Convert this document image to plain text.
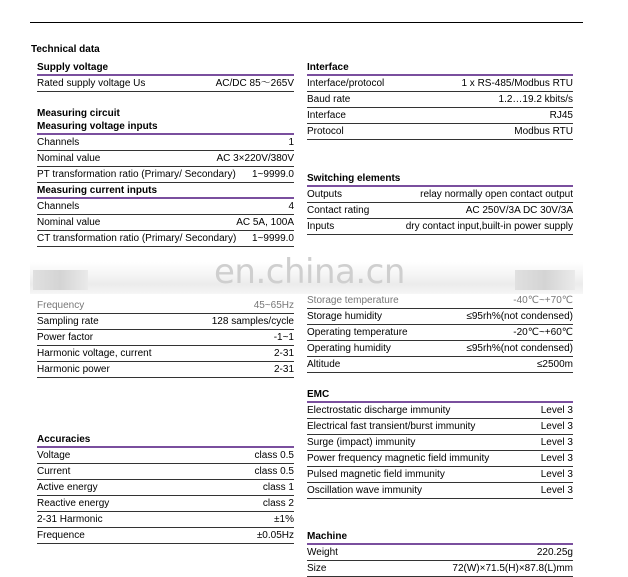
Technical data
Supply voltage
Rated supply voltage Us	AC/DC 85～265V
Measuring circuit
Measuring voltage inputs
Channels	1
Nominal value	AC 3×220V/380V
PT transformation ratio (Primary/ Secondary) 1~9999.0
Measuring current inputs
Channels	4
Nominal value	AC 5A, 100A
CT transformation ratio (Primary/ Secondary) 1~9999.0
Frequency	45~65Hz
Sampling rate	128 samples/cycle
Power factor	-1~1
Harmonic voltage, current	2-31
Harmonic power	2-31
Accuracies
Voltage	class 0.5
Current	class 0.5
Active energy	class 1
Reactive energy	class 2
2-31 Harmonic	±1%
Frequence	±0.05Hz
Interface
Interface/protocol	1 x RS-485/Modbus RTU
Baud rate	1.2…19.2 kbits/s
Interface	RJ45
Protocol	Modbus RTU
Switching elements
Outputs	relay normally open contact output
Contact rating	AC 250V/3A DC 30V/3A
Inputs	dry contact input,built-in power supply
Storage temperature	-40℃~+70℃
Storage humidity	≤95rh%(not condensed)
Operating temperature	-20℃~+60℃
Operating humidity	≤95rh%(not condensed)
Altitude	≤2500m
EMC
Electrostatic discharge immunity	Level 3
Electrical fast transient/burst immunity	Level 3
Surge (impact) immunity	Level 3
Power frequency magnetic field immunity	Level 3
Pulsed magnetic field immunity	Level 3
Oscillation wave immunity	Level 3
Machine
Weight	220.25g
Size	72(W)×71.5(H)×87.8(L)mm
en.china.cn
